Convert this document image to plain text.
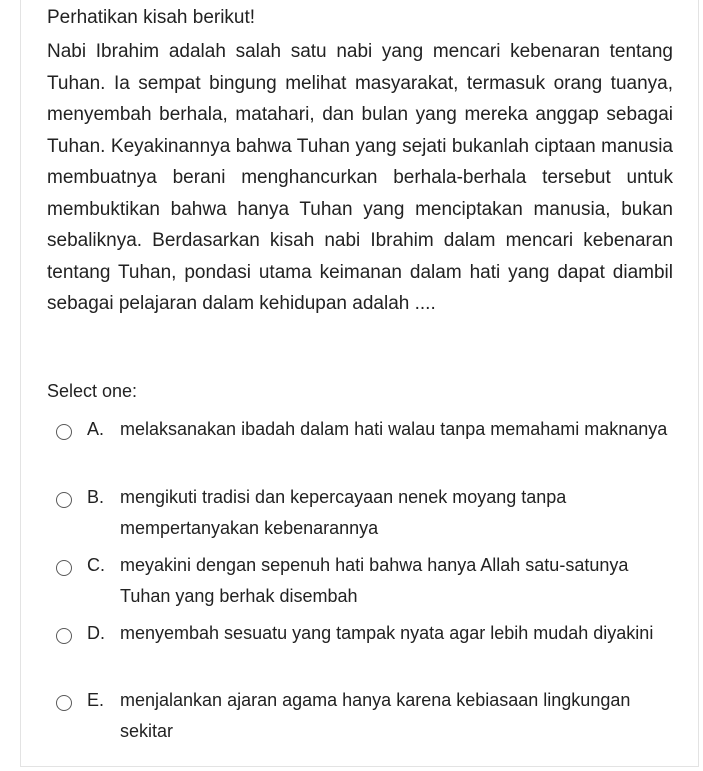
Perhatikan kisah berikut!

Nabi Ibrahim adalah salah satu nabi yang mencari kebenaran tentang Tuhan. Ia sempat bingung melihat masyarakat, termasuk orang tuanya, menyembah berhala, matahari, dan bulan yang mereka anggap sebagai Tuhan. Keyakinannya bahwa Tuhan yang sejati bukanlah ciptaan manusia membuatnya berani menghancurkan berhala-berhala tersebut untuk membuktikan bahwa hanya Tuhan yang menciptakan manusia, bukan sebaliknya. Berdasarkan kisah nabi Ibrahim dalam mencari kebenaran tentang Tuhan, pondasi utama keimanan dalam hati yang dapat diambil sebagai pelajaran dalam kehidupan adalah ....

Select one:

A. melaksanakan ibadah dalam hati walau tanpa memahami maknanya
B. mengikuti tradisi dan kepercayaan nenek moyang tanpa mempertanyakan kebenarannya
C. meyakini dengan sepenuh hati bahwa hanya Allah satu-satunya Tuhan yang berhak disembah
D. menyembah sesuatu yang tampak nyata agar lebih mudah diyakini
E. menjalankan ajaran agama hanya karena kebiasaan lingkungan sekitar
